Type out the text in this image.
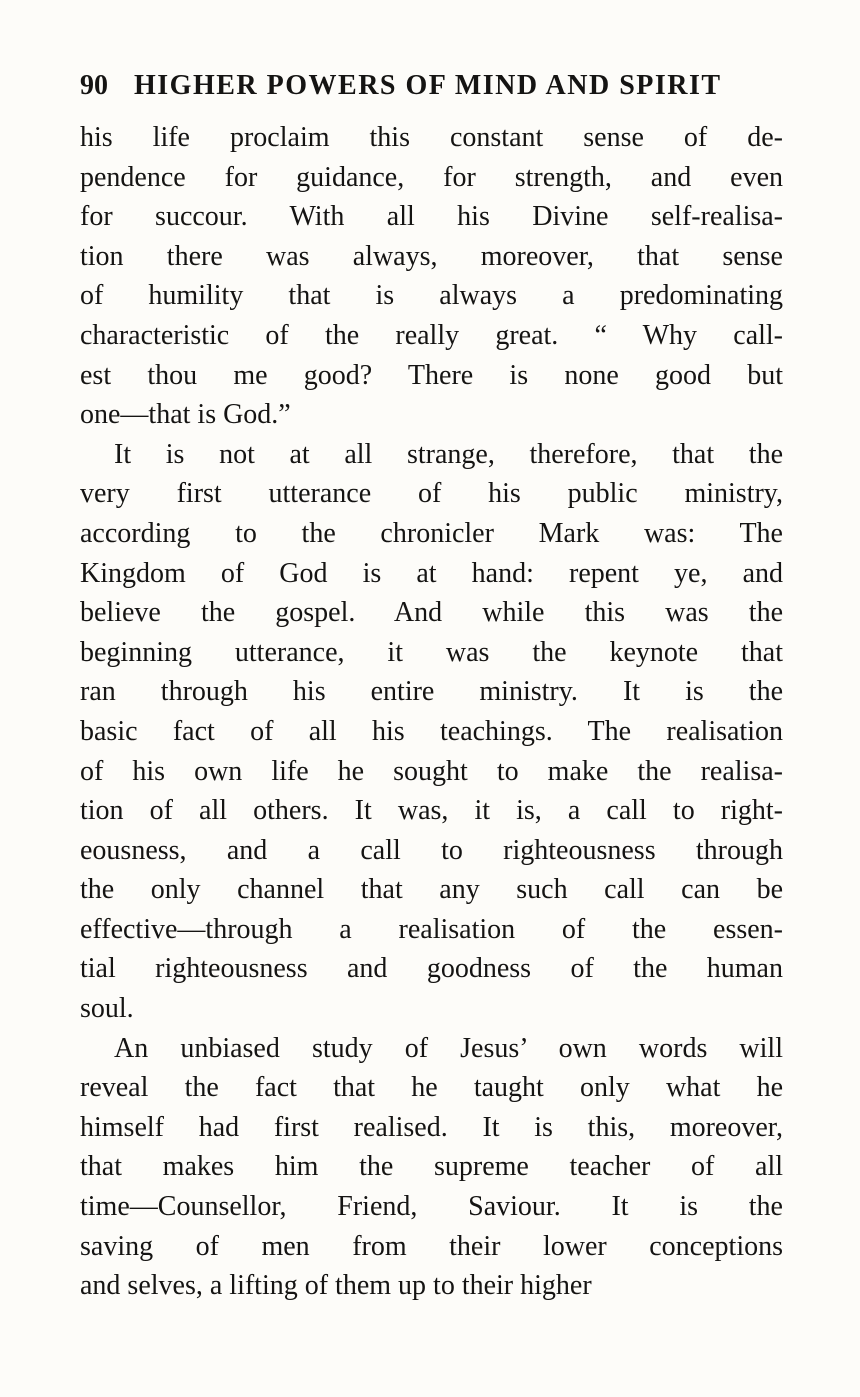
90 HIGHER POWERS OF MIND AND SPIRIT

his life proclaim this constant sense of de-
pendence for guidance, for strength, and even
for succour. With all his Divine self-realisa-
tion there was always, moreover, that sense
of humility that is always a predominating
characteristic of the really great. “ Why call-
est thou me good? There is none good but
one—that is God.”

It is not at all strange, therefore, that the
very first utterance of his public ministry,
according to the chronicler Mark was: The
Kingdom of God is at hand: repent ye, and
believe the gospel. And while this was the
beginning utterance, it was the keynote that
ran through his entire ministry. It is the
basic fact of all his teachings. The realisation
of his own life he sought to make the realisa-
tion of all others. It was, it is, a call to right-
eousness, and a call to righteousness through
the only channel that any such call can be
effective—through a realisation of the essen-
tial righteousness and goodness of the human
soul.

An unbiased study of Jesus’ own words will
reveal the fact that he taught only what he
himself had first realised. It is this, moreover,
that makes him the supreme teacher of all
time—Counsellor, Friend, Saviour. It is the
saving of men from their lower conceptions
and selves, a lifting of them up to their higher
